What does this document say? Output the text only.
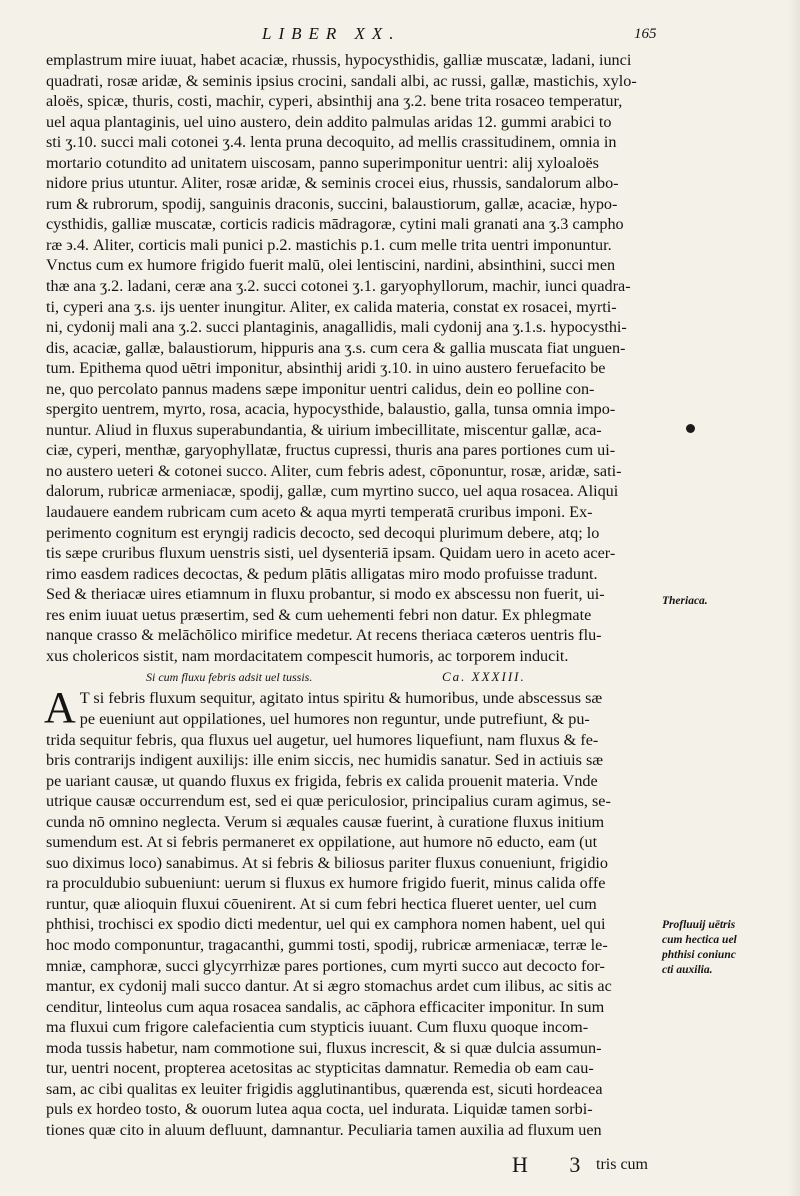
LIBER XX.	165
emplastrum mire iuuat, habet acaciæ, rhussis, hypocysthidis, galliæ muscatæ, ladani, iunci
quadrati, rosæ aridæ, & seminis ipsius crocini, sandali albi, ac russi, gallæ, mastichis, xylo-
aloës, spicæ, thuris, costi, machir, cyperi, absinthij ana ʒ.2. bene trita rosaceo temperatur,
uel aqua plantaginis, uel uino austero, dein addito palmulas aridas 12. gummi arabici to
sti ʒ.10. succi mali cotonei ʒ.4. lenta pruna decoquito, ad mellis crassitudinem, omnia in
mortario cotundito ad unitatem uiscosam, panno superimponitur uentri: alij xyloaloës
nidore prius utuntur. Aliter, rosæ aridæ, & seminis crocei eius, rhussis, sandalorum albo-
rum & rubrorum, spodij, sanguinis draconis, succini, balaustiorum, gallæ, acaciæ, hypo-
cysthidis, galliæ muscatæ, corticis radicis mādragoræ, cytini mali granati ana ʒ.3 campho
ræ ϶.4. Aliter, corticis mali punici p.2. mastichis p.1. cum melle trita uentri imponuntur.
Vnctus cum ex humore frigido fuerit malū, olei lentiscini, nardini, absinthini, succi men
thæ ana ʒ.2. ladani, ceræ ana ʒ.2. succi cotonei ʒ.1. garyophyllorum, machir, iunci quadra-
ti, cyperi ana ʒ.s. ijs uenter inungitur. Aliter, ex calida materia, constat ex rosacei, myrti-
ni, cydonij mali ana ʒ.2. succi plantaginis, anagallidis, mali cydonij ana ʒ.1.s. hypocysthi-
dis, acaciæ, gallæ, balaustiorum, hippuris ana ʒ.s. cum cera & gallia muscata fiat unguen-
tum. Epithema quod uētri imponitur, absinthij aridi ʒ.10. in uino austero feruefacito be
ne, quo percolato pannus madens sæpe imponitur uentri calidus, dein eo polline con-
spergito uentrem, myrto, rosa, acacia, hypocysthide, balaustio, galla, tunsa omnia impo-
nuntur. Aliud in fluxus superabundantia, & uirium imbecillitate, miscentur gallæ, aca-
ciæ, cyperi, menthæ, garyophyllatæ, fructus cupressi, thuris ana pares portiones cum ui-
no austero ueteri & cotonei succo. Aliter, cum febris adest, cōponuntur, rosæ, aridæ, sati-
dalorum, rubricæ armeniacæ, spodij, gallæ, cum myrtino succo, uel aqua rosacea. Aliqui
laudauere eandem rubricam cum aceto & aqua myrti temperatā cruribus imponi. Ex-
perimento cognitum est eryngij radicis decocto, sed decoqui plurimum debere, atq; lo
tis sæpe cruribus fluxum uenstris sisti, uel dysenteriā ipsam. Quidam uero in aceto acer-
rimo easdem radices decoctas, & pedum plātis alligatas miro modo profuisse tradunt.
Sed & theriacæ uires etiamnum in fluxu probantur, si modo ex abscessu non fuerit, ui-
res enim iuuat uetus præsertim, sed & cum uehementi febri non datur. Ex phlegmate
nanque crasso & melāchōlico mirifice medetur. At recens theriaca cæteros uentris flu-
xus cholericos sistit, nam mordacitatem compescit humoris, ac torporem inducit.
Si cum fluxu febris adsit uel tussis.	Ca. XXXIII.
A T si febris fluxum sequitur, agitato intus spiritu & humoribus, unde abscessus sæ
pe eueniunt aut oppilationes, uel humores non reguntur, unde putrefiunt, & pu-
trida sequitur febris, qua fluxus uel augetur, uel humores liquefiunt, nam fluxus & fe-
bris contrarijs indigent auxilijs: ille enim siccis, nec humidis sanatur. Sed in actiuis sæ
pe uariant causæ, ut quando fluxus ex frigida, febris ex calida prouenit materia. Vnde
utrique causæ occurrendum est, sed ei quæ periculosior, principalius curam agimus, se-
cunda nō omnino neglecta. Verum si æquales causæ fuerint, à curatione fluxus initium
sumendum est. At si febris permaneret ex oppilatione, aut humore nō educto, eam (ut
suo diximus loco) sanabimus. At si febris & biliosus pariter fluxus conueniunt, frigidio
ra proculdubio subueniunt: uerum si fluxus ex humore frigido fuerit, minus calida offe
runtur, quæ alioquin fluxui cōuenirent. At si cum febri hectica flueret uenter, uel cum
phthisi, trochisci ex spodio dicti medentur, uel qui ex camphora nomen habent, uel qui
hoc modo componuntur, tragacanthi, gummi tosti, spodij, rubricæ armeniacæ, terræ le-
mniæ, camphoræ, succi glycyrrhizæ pares portiones, cum myrti succo aut decocto for-
mantur, ex cydonij mali succo dantur. At si ægro stomachus ardet cum ilibus, ac sitis ac
cenditur, linteolus cum aqua rosacea sandalis, ac cāphora efficaciter imponitur. In sum
ma fluxui cum frigore calefacientia cum stypticis iuuant. Cum fluxu quoque incom-
moda tussis habetur, nam commotione sui, fluxus increscit, & si quæ dulcia assumun-
tur, uentri nocent, propterea acetositas ac stypticitas damnatur. Remedia ob eam cau-
sam, ac cibi qualitas ex leuiter frigidis agglutinantibus, quærenda est, sicuti hordeacea
puls ex hordeo tosto, & ouorum lutea aqua cocta, uel indurata. Liquidæ tamen sorbi-
tiones quæ cito in aluum defluunt, damnantur. Peculiaria tamen auxilia ad fluxum uen
Theriaca.
Profluuij uētris
cum hectica uel
phthisi coniunc
cti auxilia.
H 3
tris cum
